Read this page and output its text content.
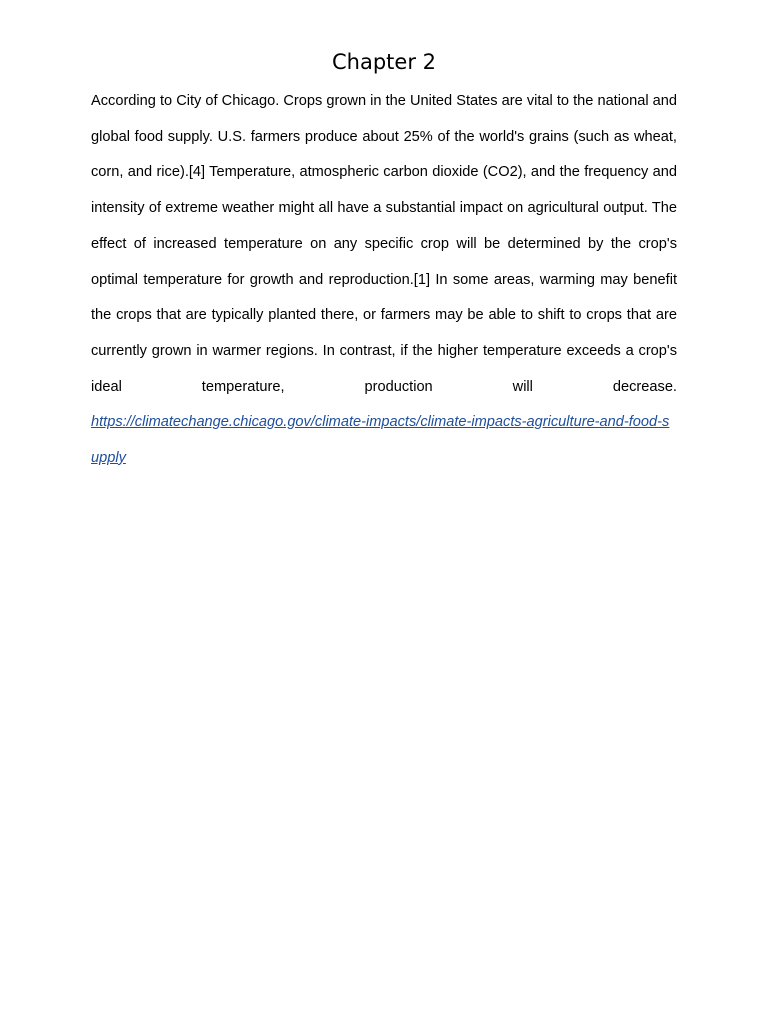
Chapter 2

According to City of Chicago. Crops grown in the United States are vital to the national and global food supply. U.S. farmers produce about 25% of the world's grains (such as wheat, corn, and rice).[4] Temperature, atmospheric carbon dioxide (CO2), and the frequency and intensity of extreme weather might all have a substantial impact on agricultural output. The effect of increased temperature on any specific crop will be determined by the crop's optimal temperature for growth and reproduction.[1] In some areas, warming may benefit the crops that are typically planted there, or farmers may be able to shift to crops that are currently grown in warmer regions. In contrast, if the higher temperature exceeds a crop's ideal temperature, production will decrease.

https://climatechange.chicago.gov/climate-impacts/climate-impacts-agriculture-and-food-supply
